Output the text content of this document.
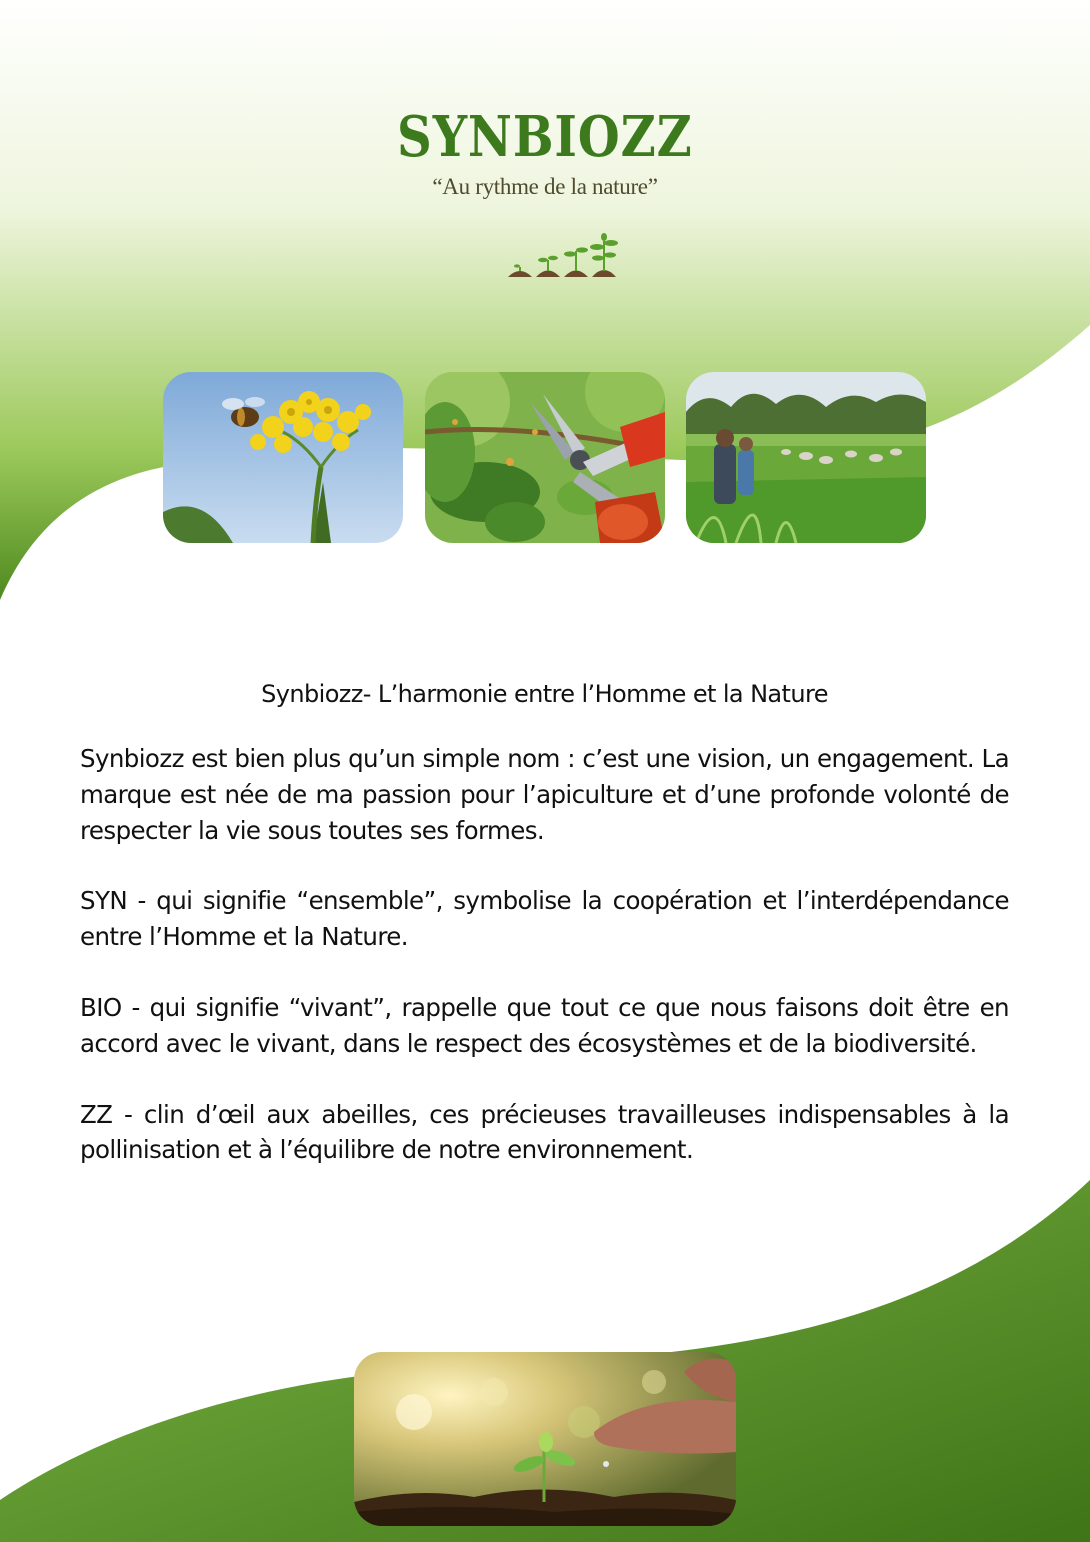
SYNBIOZZ
“Au rythme de la nature”
Synbiozz- L’harmonie entre l’Homme et la Nature

Synbiozz est bien plus qu’un simple nom : c’est une vision, un engagement. La marque est née de ma passion pour l’apiculture et d’une profonde volonté de respecter la vie sous toutes ses formes.

SYN - qui signifie “ensemble”, symbolise la coopération et l’interdépendance entre l’Homme et la Nature.

BIO - qui signifie “vivant”, rappelle que tout ce que nous faisons doit être en accord avec le vivant, dans le respect des écosystèmes et de la biodiversité.

ZZ - clin d’œil aux abeilles, ces précieuses travailleuses indispensables à la pollinisation et à l’équilibre de notre environnement.
